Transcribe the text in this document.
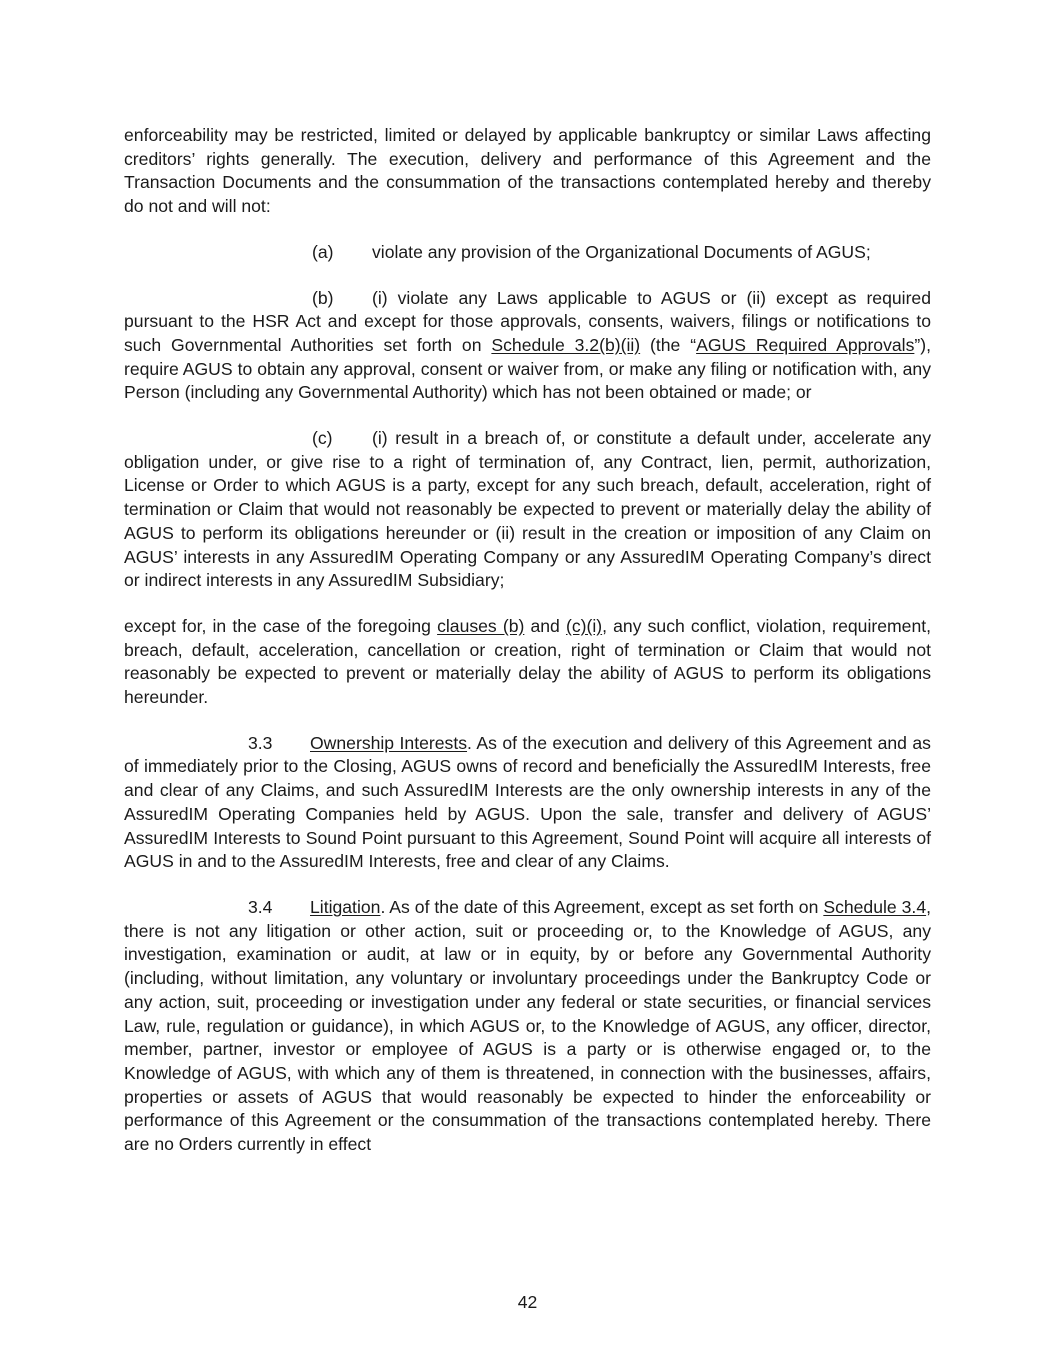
enforceability may be restricted, limited or delayed by applicable bankruptcy or similar Laws affecting creditors’ rights generally. The execution, delivery and performance of this Agreement and the Transaction Documents and the consummation of the transactions contemplated hereby and thereby do not and will not:

(a) violate any provision of the Organizational Documents of AGUS;

(b) (i) violate any Laws applicable to AGUS or (ii) except as required pursuant to the HSR Act and except for those approvals, consents, waivers, filings or notifications to such Governmental Authorities set forth on Schedule 3.2(b)(ii) (the “AGUS Required Approvals”), require AGUS to obtain any approval, consent or waiver from, or make any filing or notification with, any Person (including any Governmental Authority) which has not been obtained or made; or

(c) (i) result in a breach of, or constitute a default under, accelerate any obligation under, or give rise to a right of termination of, any Contract, lien, permit, authorization, License or Order to which AGUS is a party, except for any such breach, default, acceleration, right of termination or Claim that would not reasonably be expected to prevent or materially delay the ability of AGUS to perform its obligations hereunder or (ii) result in the creation or imposition of any Claim on AGUS’ interests in any AssuredIM Operating Company or any AssuredIM Operating Company’s direct or indirect interests in any AssuredIM Subsidiary;

except for, in the case of the foregoing clauses (b) and (c)(i), any such conflict, violation, requirement, breach, default, acceleration, cancellation or creation, right of termination or Claim that would not reasonably be expected to prevent or materially delay the ability of AGUS to perform its obligations hereunder.

3.3 Ownership Interests. As of the execution and delivery of this Agreement and as of immediately prior to the Closing, AGUS owns of record and beneficially the AssuredIM Interests, free and clear of any Claims, and such AssuredIM Interests are the only ownership interests in any of the AssuredIM Operating Companies held by AGUS. Upon the sale, transfer and delivery of AGUS’ AssuredIM Interests to Sound Point pursuant to this Agreement, Sound Point will acquire all interests of AGUS in and to the AssuredIM Interests, free and clear of any Claims.

3.4 Litigation. As of the date of this Agreement, except as set forth on Schedule 3.4, there is not any litigation or other action, suit or proceeding or, to the Knowledge of AGUS, any investigation, examination or audit, at law or in equity, by or before any Governmental Authority (including, without limitation, any voluntary or involuntary proceedings under the Bankruptcy Code or any action, suit, proceeding or investigation under any federal or state securities, or financial services Law, rule, regulation or guidance), in which AGUS or, to the Knowledge of AGUS, any officer, director, member, partner, investor or employee of AGUS is a party or is otherwise engaged or, to the Knowledge of AGUS, with which any of them is threatened, in connection with the businesses, affairs, properties or assets of AGUS that would reasonably be expected to hinder the enforceability or performance of this Agreement or the consummation of the transactions contemplated hereby. There are no Orders currently in effect

42
